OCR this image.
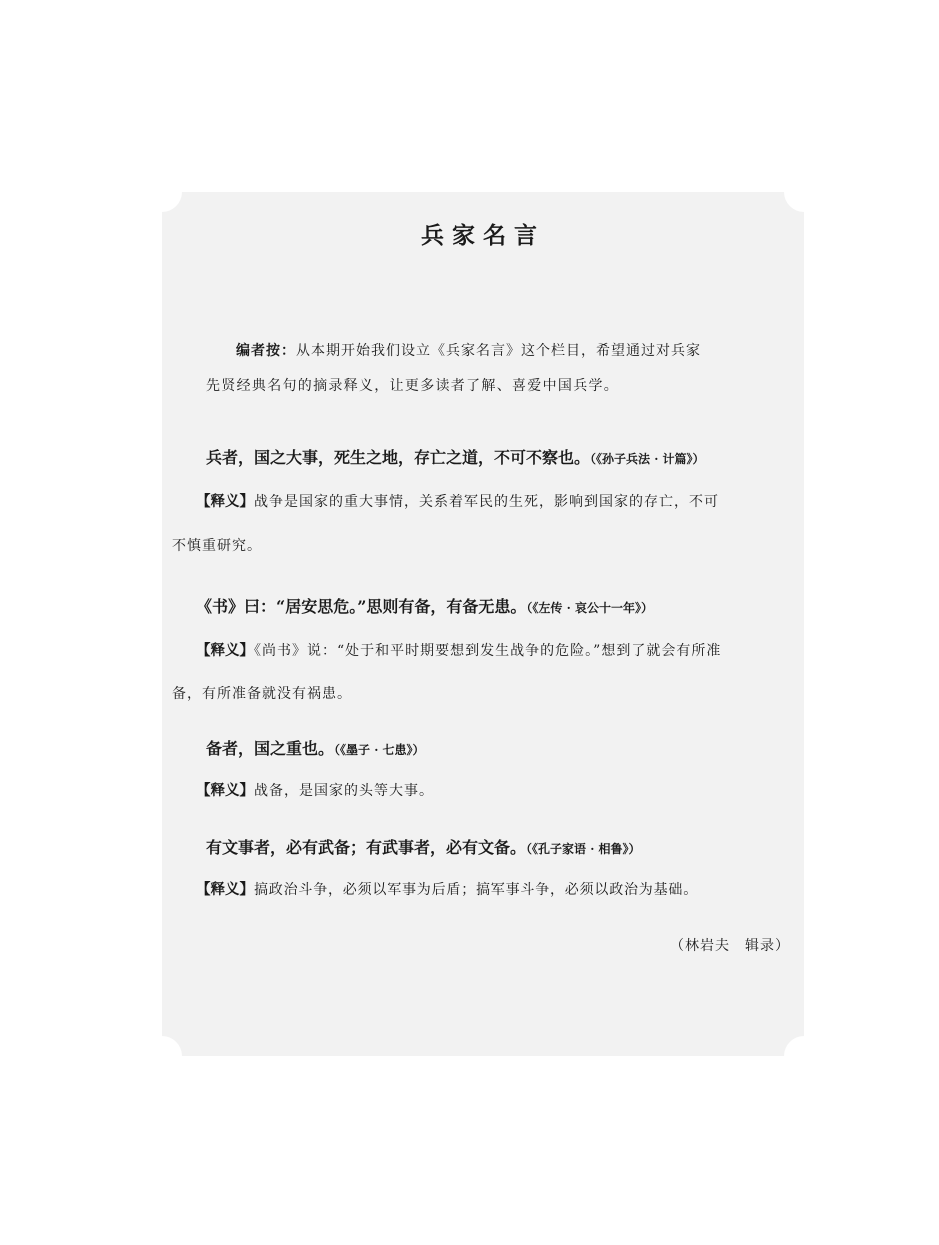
兵家名言
编者按：从本期开始我们设立《兵家名言》这个栏目，希望通过对兵家
先贤经典名句的摘录释义，让更多读者了解、喜爱中国兵学。
兵者，国之大事，死生之地，存亡之道，不可不察也。（《孙子兵法 · 计篇》）
【释义】战争是国家的重大事情，关系着军民的生死，影响到国家的存亡，不可
不慎重研究。
《书》曰：“居安思危。”思则有备，有备无患。（《左传 · 哀公十一年》）
【释义】《尚书》说：“处于和平时期要想到发生战争的危险。”想到了就会有所准
备，有所准备就没有祸患。
备者，国之重也。（《墨子 · 七患》）
【释义】战备，是国家的头等大事。
有文事者，必有武备；有武事者，必有文备。（《孔子家语 · 相鲁》）
【释义】搞政治斗争，必须以军事为后盾；搞军事斗争，必须以政治为基础。
（林岩夫　辑录）
